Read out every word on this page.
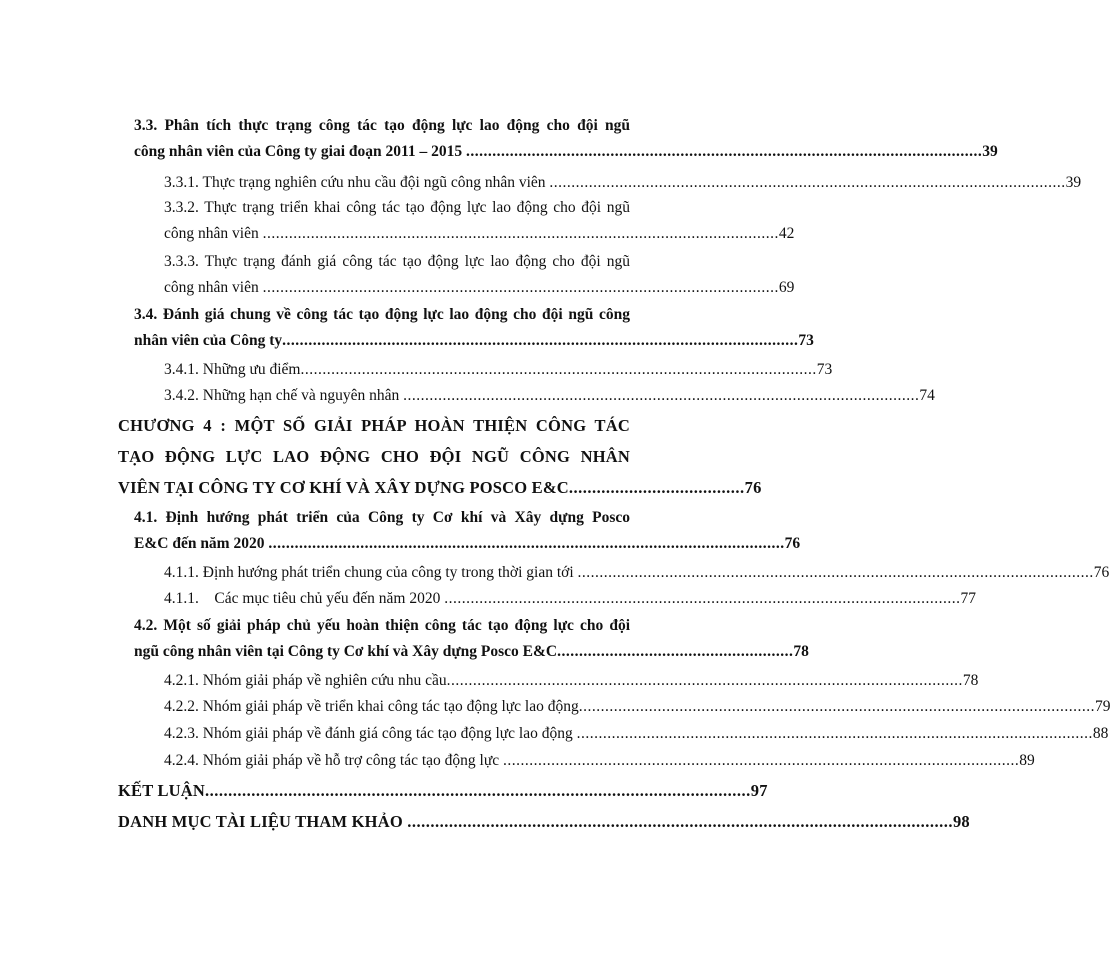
3.3. Phân tích thực trạng công tác tạo động lực lao động cho đội ngũ
công nhân viên của Công ty giai đoạn 2011 – 2015 ...................................................................................................................... 39
3.3.1. Thực trạng nghiên cứu nhu cầu đội ngũ công nhân viên ...................................................................................................................... 39
3.3.2. Thực trạng triển khai công tác tạo động lực lao động cho đội ngũ
công nhân viên ...................................................................................................................... 42
3.3.3. Thực trạng đánh giá công tác tạo động lực lao động cho đội ngũ
công nhân viên ...................................................................................................................... 69
3.4. Đánh giá chung về công tác tạo động lực lao động cho đội ngũ công
nhân viên của Công ty ...................................................................................................................... 73
3.4.1. Những ưu điểm ...................................................................................................................... 73
3.4.2. Những hạn chế và nguyên nhân ...................................................................................................................... 74
CHƯƠNG 4 : MỘT SỐ GIẢI PHÁP HOÀN THIỆN CÔNG TÁC
TẠO ĐỘNG LỰC LAO ĐỘNG CHO ĐỘI NGŨ CÔNG NHÂN
VIÊN TẠI CÔNG TY CƠ KHÍ VÀ XÂY DỰNG POSCO E&C ...................................... 76
4.1. Định hướng phát triển của Công ty Cơ khí và Xây dựng Posco
E&C đến năm 2020 ...................................................................................................................... 76
4.1.1. Định hướng phát triển chung của công ty trong thời gian tới ...................................................................................................................... 76
4.1.1.    Các mục tiêu chủ yếu đến năm 2020 ...................................................................................................................... 77
4.2. Một số giải pháp chủ yếu hoàn thiện công tác tạo động lực cho đội
ngũ công nhân viên tại Công ty Cơ khí và Xây dựng Posco E&C ...................................................... 78
4.2.1. Nhóm giải pháp về nghiên cứu nhu cầu ...................................................................................................................... 78
4.2.2. Nhóm giải pháp về triển khai công tác tạo động lực lao động ...................................................................................................................... 79
4.2.3. Nhóm giải pháp về đánh giá công tác tạo động lực lao động ...................................................................................................................... 88
4.2.4. Nhóm giải pháp về hỗ trợ công tác tạo động lực ...................................................................................................................... 89
KẾT LUẬN ...................................................................................................................... 97
DANH MỤC TÀI LIỆU THAM KHẢO ...................................................................................................................... 98
